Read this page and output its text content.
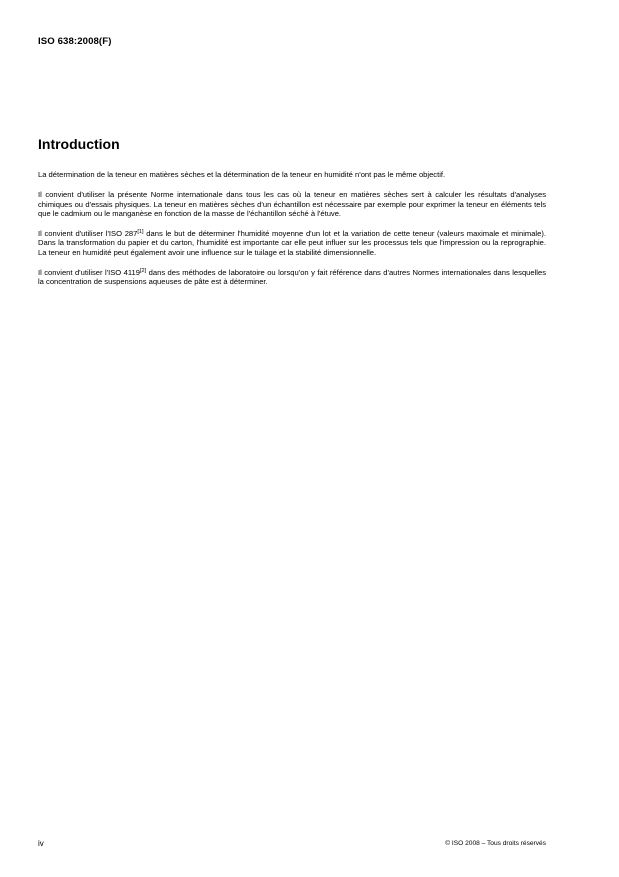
ISO 638:2008(F)
Introduction

La détermination de la teneur en matières sèches et la détermination de la teneur en humidité n'ont pas le même objectif.

Il convient d'utiliser la présente Norme internationale dans tous les cas où la teneur en matières sèches sert à calculer les résultats d'analyses chimiques ou d'essais physiques. La teneur en matières sèches d'un échantillon est nécessaire par exemple pour exprimer la teneur en éléments tels que le cadmium ou le manganèse en fonction de la masse de l'échantillon séché à l'étuve.

Il convient d'utiliser l'ISO 287[1] dans le but de déterminer l'humidité moyenne d'un lot et la variation de cette teneur (valeurs maximale et minimale). Dans la transformation du papier et du carton, l'humidité est importante car elle peut influer sur les processus tels que l'impression ou la reprographie. La teneur en humidité peut également avoir une influence sur le tuilage et la stabilité dimensionnelle.

Il convient d'utiliser l'ISO 4119[2] dans des méthodes de laboratoire ou lorsqu'on y fait référence dans d'autres Normes internationales dans lesquelles la concentration de suspensions aqueuses de pâte est à déterminer.

iv	© ISO 2008 – Tous droits réservés
